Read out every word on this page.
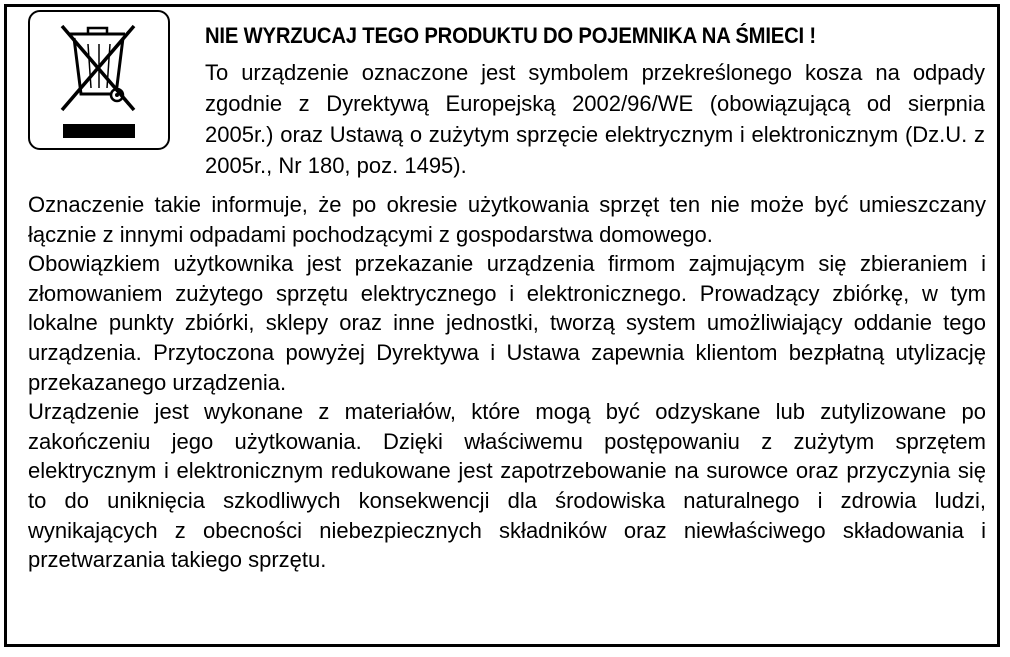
NIE WYRZUCAJ TEGO PRODUKTU DO POJEMNIKA NA ŚMIECI !

To urządzenie oznaczone jest symbolem przekreślonego kosza na odpady zgodnie z Dyrektywą Europejską 2002/96/WE (obowiązującą od sierpnia 2005r.) oraz Ustawą o zużytym sprzęcie elektrycznym i elektronicznym (Dz.U. z 2005r., Nr 180, poz. 1495).

Oznaczenie takie informuje, że po okresie użytkowania sprzęt ten nie może być umieszczany łącznie z innymi odpadami pochodzącymi z gospodarstwa domowego.

Obowiązkiem użytkownika jest przekazanie urządzenia firmom zajmującym się zbieraniem i złomowaniem zużytego sprzętu elektrycznego i elektronicznego. Prowadzący zbiórkę, w tym lokalne punkty zbiórki, sklepy oraz inne jednostki, tworzą system umożliwiający oddanie tego urządzenia. Przytoczona powyżej Dyrektywa i Ustawa zapewnia klientom bezpłatną utylizację przekazanego urządzenia.

Urządzenie jest wykonane z materiałów, które mogą być odzyskane lub zutylizowane po zakończeniu jego użytkowania. Dzięki właściwemu postępowaniu z zużytym sprzętem elektrycznym i elektronicznym redukowane jest zapotrzebowanie na surowce oraz przyczynia się to do uniknięcia szkodliwych konsekwencji dla środowiska naturalnego i zdrowia ludzi, wynikających z obecności niebezpiecznych składników oraz niewłaściwego składowania i przetwarzania takiego sprzętu.
